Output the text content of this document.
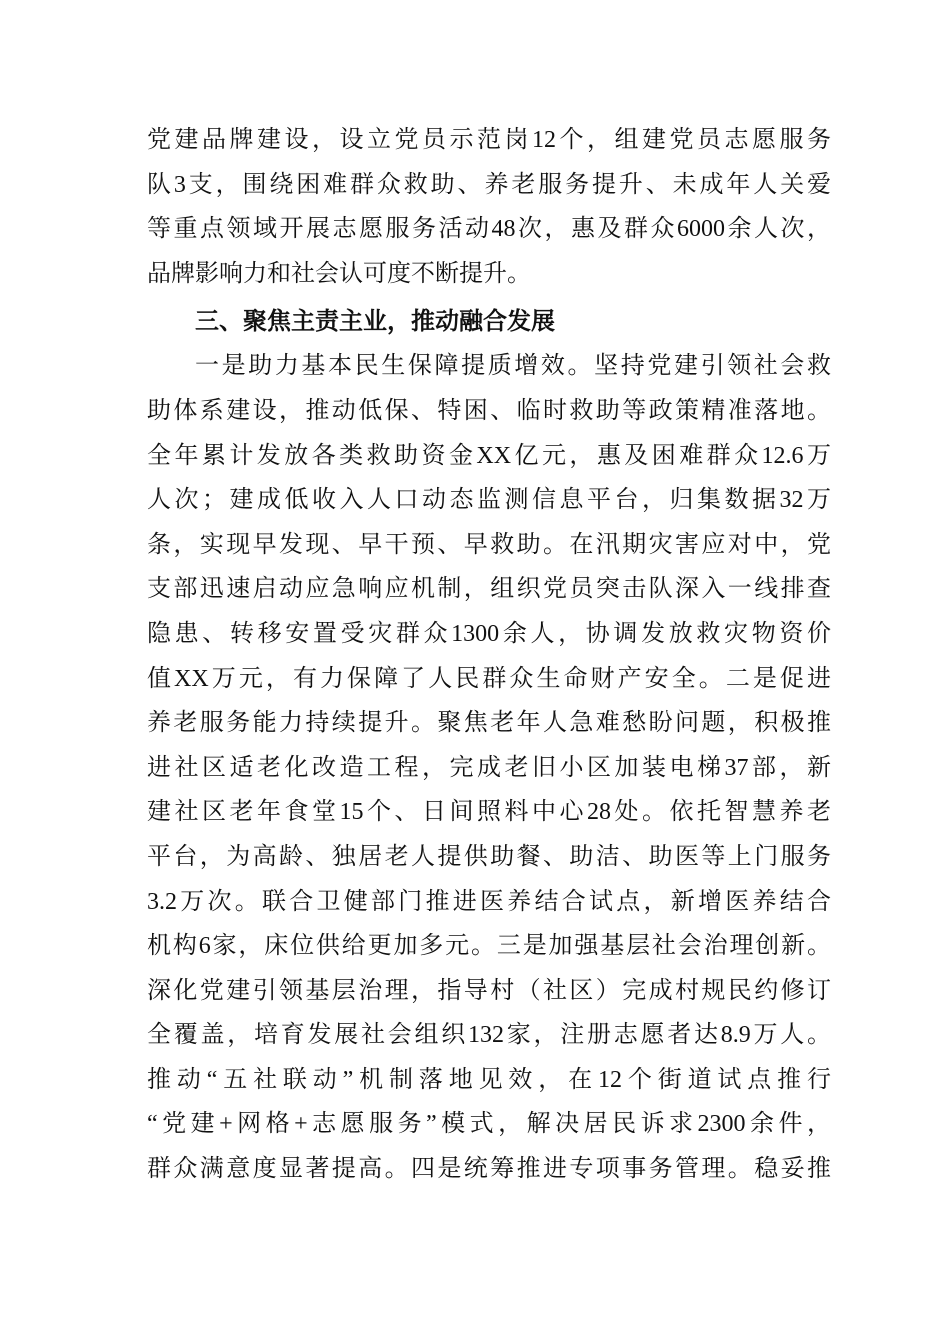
党建品牌建设，设立党员示范岗12个，组建党员志愿服务
队3支，围绕困难群众救助、养老服务提升、未成年人关爱
等重点领域开展志愿服务活动48次，惠及群众6000余人次，
品牌影响力和社会认可度不断提升。
三、聚焦主责主业，推动融合发展
一是助力基本民生保障提质增效。坚持党建引领社会救
助体系建设，推动低保、特困、临时救助等政策精准落地。
全年累计发放各类救助资金XX亿元，惠及困难群众12.6万
人次；建成低收入人口动态监测信息平台，归集数据32万
条，实现早发现、早干预、早救助。在汛期灾害应对中，党
支部迅速启动应急响应机制，组织党员突击队深入一线排查
隐患、转移安置受灾群众1300余人，协调发放救灾物资价
值XX万元，有力保障了人民群众生命财产安全。二是促进
养老服务能力持续提升。聚焦老年人急难愁盼问题，积极推
进社区适老化改造工程，完成老旧小区加装电梯37部，新
建社区老年食堂15个、日间照料中心28处。依托智慧养老
平台，为高龄、独居老人提供助餐、助洁、助医等上门服务
3.2万次。联合卫健部门推进医养结合试点，新增医养结合
机构6家，床位供给更加多元。三是加强基层社会治理创新。
深化党建引领基层治理，指导村（社区）完成村规民约修订
全覆盖，培育发展社会组织132家，注册志愿者达8.9万人。
推动“五社联动”机制落地见效，在12个街道试点推行
“党建+网格+志愿服务”模式，解决居民诉求2300余件，
群众满意度显著提高。四是统筹推进专项事务管理。稳妥推
